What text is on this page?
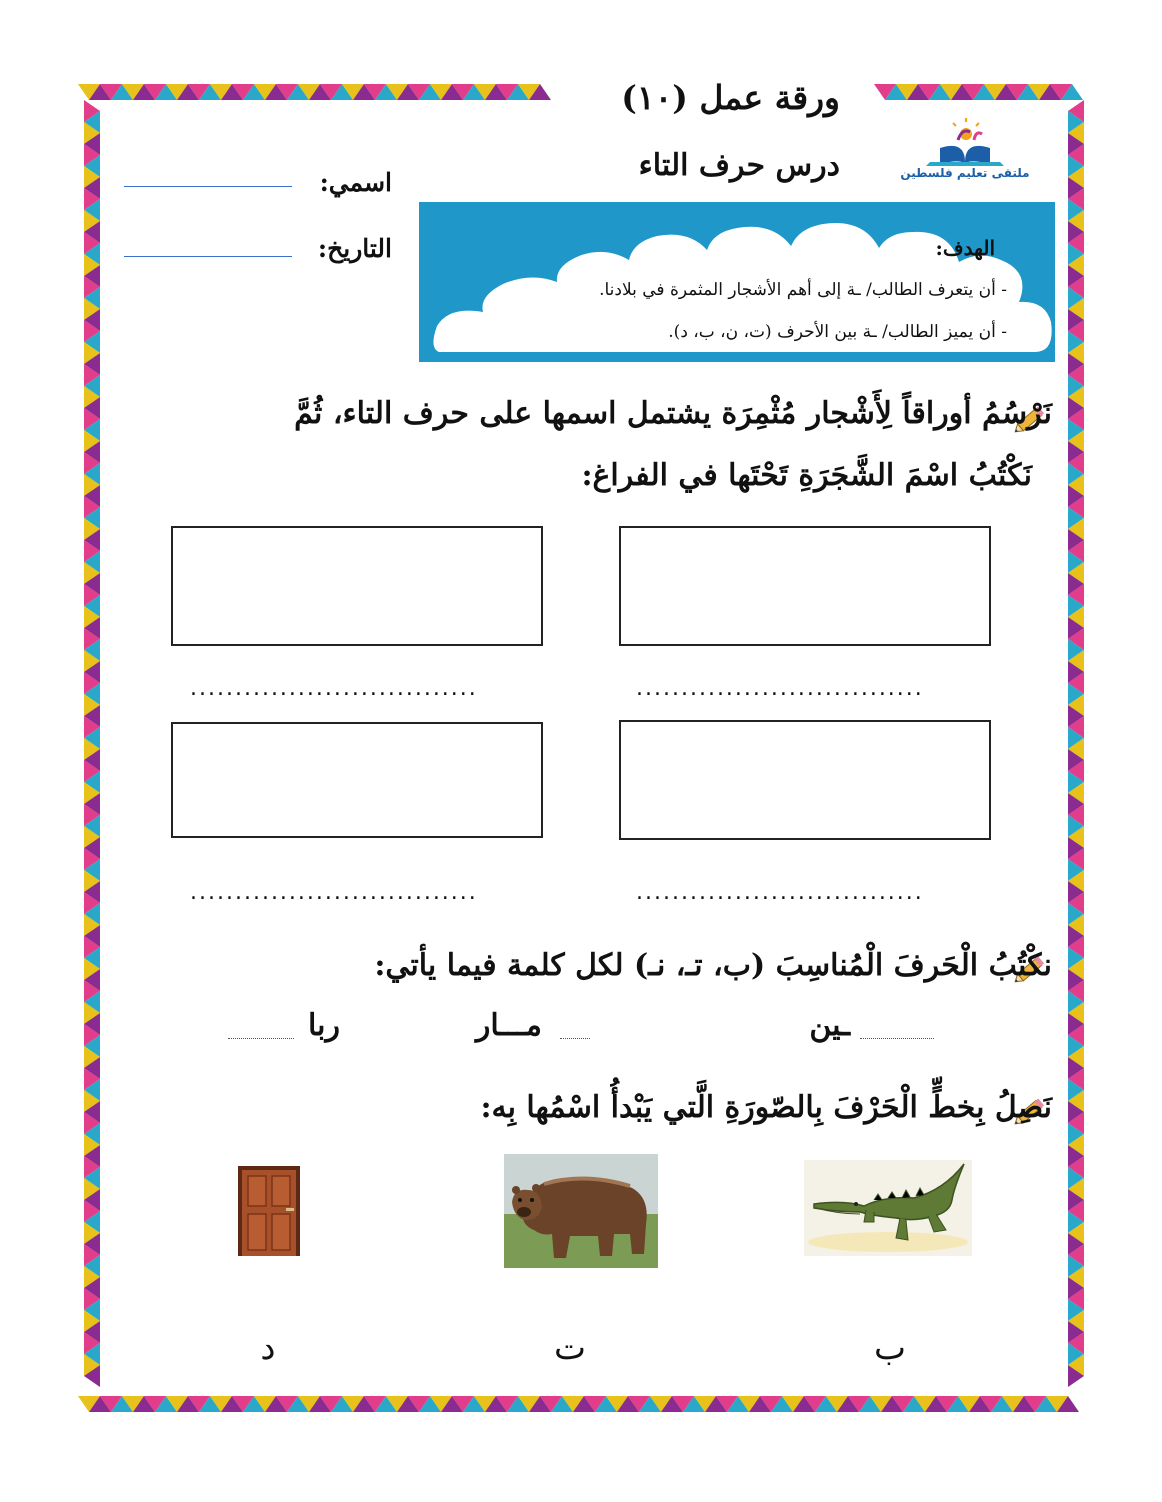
ورقة عمل (١٠)
درس حرف التاء	ملتقى تعليم فلسطين
اسمي:
التاريخ:	الهدف:
- أن يتعرف الطالب/ ـة إلى أهم الأشجار المثمرة في بلادنا.
- أن يميز الطالب/ ـة بين الأحرف (ت، ن، ب، د).
نَرْسُمُ أوراقاً لِأَشْجار مُثْمِرَة يشتمل اسمها على حرف التاء، ثُمَّ
نَكْتُبُ اسْمَ الشَّجَرَةِ تَحْتَها في الفراغ:
................................
................................
................................
................................
نكْتُبُ الْحَرفَ الْمُناسِبَ (ب، تـ، نـ) لكل كلمة فيما يأتي:
ـين
مـــار
ربا
نَصِلُ بِخطٍّ الْحَرْفَ بِالصّورَةِ الَّتي يَبْدأُ اسْمُها بِه:
ب
ت
د
